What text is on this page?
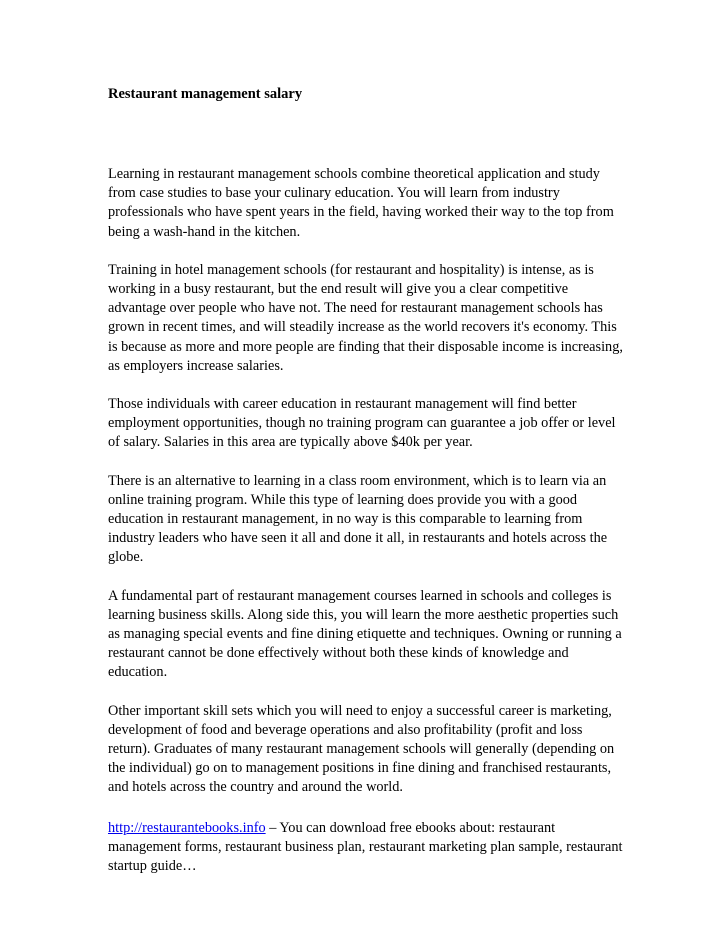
Restaurant management salary

Learning in restaurant management schools combine theoretical application and study from case studies to base your culinary education. You will learn from industry professionals who have spent years in the field, having worked their way to the top from being a wash-hand in the kitchen.

Training in hotel management schools (for restaurant and hospitality) is intense, as is working in a busy restaurant, but the end result will give you a clear competitive advantage over people who have not. The need for restaurant management schools has grown in recent times, and will steadily increase as the world recovers it's economy. This is because as more and more people are finding that their disposable income is increasing, as employers increase salaries.

Those individuals with career education in restaurant management will find better employment opportunities, though no training program can guarantee a job offer or level of salary. Salaries in this area are typically above $40k per year.

There is an alternative to learning in a class room environment, which is to learn via an online training program. While this type of learning does provide you with a good education in restaurant management, in no way is this comparable to learning from industry leaders who have seen it all and done it all, in restaurants and hotels across the globe.

A fundamental part of restaurant management courses learned in schools and colleges is learning business skills. Along side this, you will learn the more aesthetic properties such as managing special events and fine dining etiquette and techniques. Owning or running a restaurant cannot be done effectively without both these kinds of knowledge and education.

Other important skill sets which you will need to enjoy a successful career is marketing, development of food and beverage operations and also profitability (profit and loss return). Graduates of many restaurant management schools will generally (depending on the individual) go on to management positions in fine dining and franchised restaurants, and hotels across the country and around the world.

http://restaurantebooks.info – You can download free ebooks about: restaurant management forms, restaurant business plan, restaurant marketing plan sample, restaurant startup guide…
